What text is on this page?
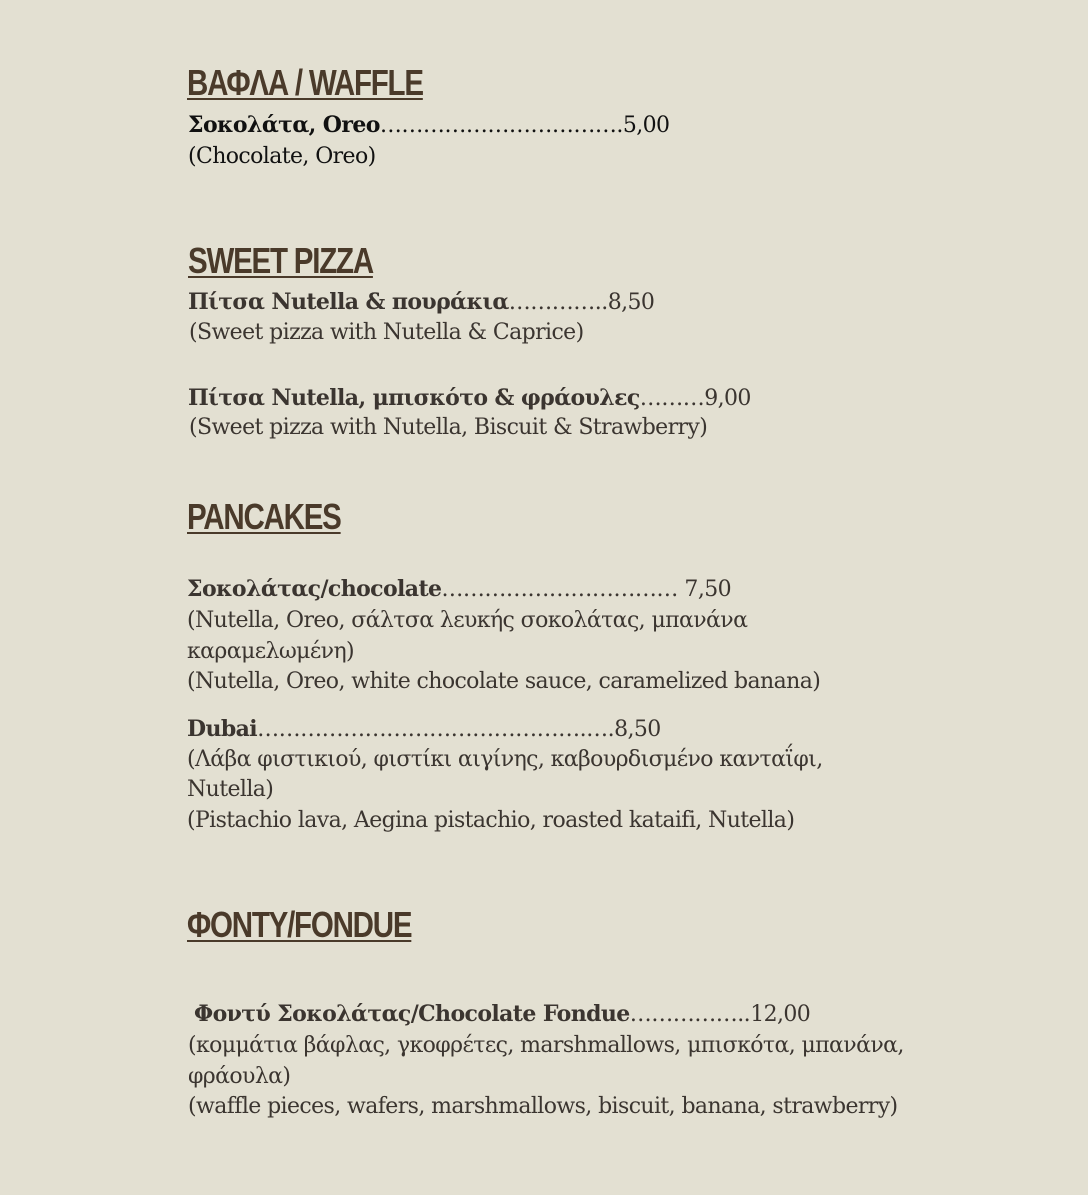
ΒΑΦΛΑ / WAFFLE
Σοκολάτα, Oreo…………………………….5,00
(Chocolate, Oreo)
SWEET PIZZA
Πίτσα Nutella & πουράκια…………..8,50
(Sweet pizza with Nutella & Caprice)
Πίτσα Nutella, μπισκότο & φράουλες………9,00
(Sweet pizza with Nutella, Biscuit & Strawberry)
PANCAKES
Σοκολάτας/chocolate…………………………… 7,50
(Nutella, Oreo, σάλτσα λευκής σοκολάτας, μπανάνα
καραμελωμένη)
(Nutella, Oreo, white chocolate sauce, caramelized banana)
Dubai……………………………………….….8,50
(Λάβα φιστικιού, φιστίκι αιγίνης, καβουρδισμένο κανταΐφι,
Nutella)
(Pistachio lava, Aegina pistachio, roasted kataifi, Nutella)
ΦΟΝΤΥ/FONDUE
Φοντύ Σοκολάτας/Chocolate Fondue……………..12,00
(κομμάτια βάφλας, γκοφρέτες, marshmallows, μπισκότα, μπανάνα,
φράουλα)
(waffle pieces, wafers, marshmallows, biscuit, banana, strawberry)
